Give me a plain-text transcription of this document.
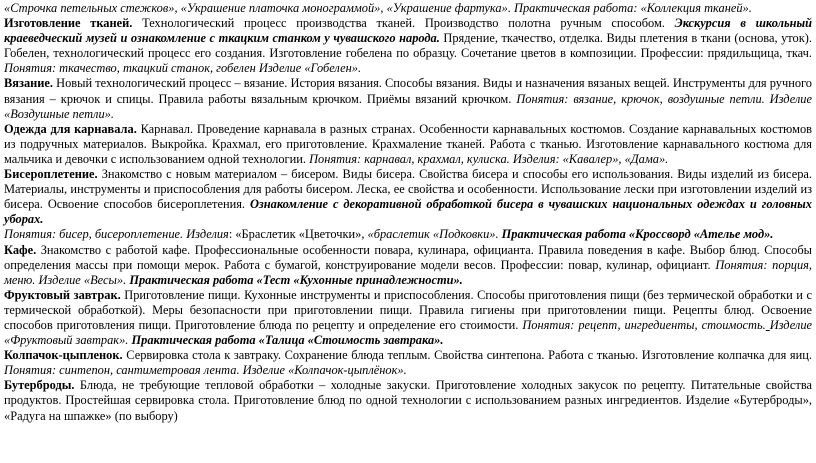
«Строчка петельных стежков», «Украшение платочка монограммой», «Украшение фартука». Практическая работа: «Коллекция тканей».

Изготовление тканей. Технологический процесс производства тканей. Производство полотна ручным способом. Экскурсия в школьный краеведческий музей и ознакомление с ткацким станком у чувашского народа. Прядение, ткачество, отделка. Виды плетения в ткани (основа, уток). Гобелен, технологический процесс его создания. Изготовление гобелена по образцу. Сочетание цветов в композиции. Профессии: прядильщица, ткач. Понятия: ткачество, ткацкий станок, гобелен Изделие «Гобелен».

Вязание. Новый технологический процесс – вязание. История вязания. Способы вязания. Виды и назначения вязаных вещей. Инструменты для ручного вязания – крючок и спицы. Правила работы вязальным крючком. Приёмы вязаний крючком. Понятия: вязание, крючок, воздушные петли. Изделие «Воздушные петли».

Одежда для карнавала. Карнавал. Проведение карнавала в разных странах. Особенности карнавальных костюмов. Создание карнавальных костюмов из подручных материалов. Выкройка. Крахмал, его приготовление. Крахмаление тканей. Работа с тканью. Изготовление карнавального костюма для мальчика и девочки с использованием одной технологии. Понятия: карнавал, крахмал, кулиска. Изделия: «Кавалер», «Дама».

Бисероплетение. Знакомство с новым материалом – бисером. Виды бисера. Свойства бисера и способы его использования. Виды изделий из бисера. Материалы, инструменты и приспособления для работы бисером. Леска, ее свойства и особенности. Использование лески при изготовлении изделий из бисера. Освоение способов бисероплетения. Ознакомление с декоративной обработкой бисера в чувашских национальных одеждах и головных уборах.

Понятия: бисер, бисероплетение. Изделия: «Браслетик «Цветочки», «браслетик «Подковки». Практическая работа «Кроссворд «Ателье мод».

Кафе. Знакомство с работой кафе. Профессиональные особенности повара, кулинара, официанта. Правила поведения в кафе. Выбор блюд. Способы определения массы при помощи мерок. Работа с бумагой, конструирование модели весов. Профессии: повар, кулинар, официант. Понятия: порция, меню. Изделие «Весы». Практическая работа «Тест «Кухонные принадлежности».

Фруктовый завтрак. Приготовление пищи. Кухонные инструменты и приспособления. Способы приготовления пищи (без термической обработки и с термической обработкой). Меры безопасности при приготовлении пищи. Правила гигиены при приготовлении пищи. Рецепты блюд. Освоение способов приготовления пищи. Приготовление блюда по рецепту и определение его стоимости. Понятия: рецепт, ингредиенты, стоимость. Изделие «Фруктовый завтрак». Практическая работа «Талица «Стоимость завтрака».

Колпачок-цыпленок. Сервировка стола к завтраку. Сохранение блюда теплым. Свойства синтепона. Работа с тканью. Изготовление колпачка для яиц. Понятия: синтепон, сантиметровая лента. Изделие «Колпачок-цыплёнок».

Бутерброды. Блюда, не требующие тепловой обработки – холодные закуски. Приготовление холодных закусок по рецепту. Питательные свойства продуктов. Простейшая сервировка стола. Приготовление блюд по одной технологии с использованием разных ингредиентов. Изделие «Бутерброды», «Радуга на шпажке» (по выбору)
